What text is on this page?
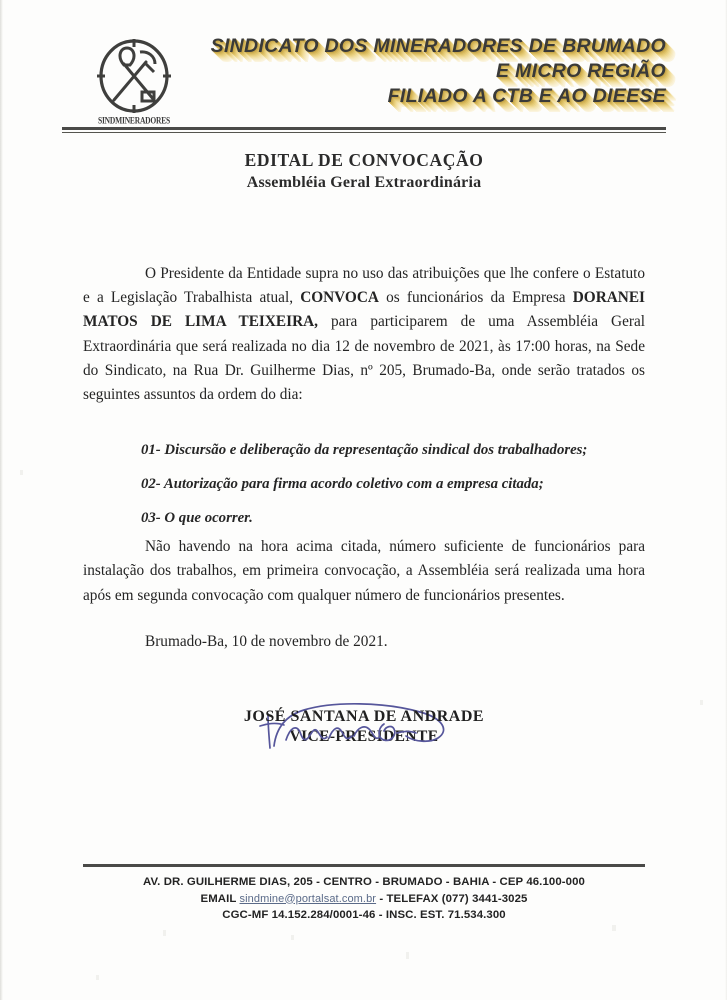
SINDMINERADORES
SINDICATO DOS MINERADORES DE BRUMADO
E MICRO REGIÃO
FILIADO A CTB E AO DIEESE
EDITAL DE CONVOCAÇÃO
Assembléia Geral Extraordinária

O Presidente da Entidade supra no uso das atribuições que lhe confere o Estatuto e a Legislação Trabalhista atual, CONVOCA os funcionários da Empresa DORANEI MATOS DE LIMA TEIXEIRA, para participarem de uma Assembléia Geral Extraordinária que será realizada no dia 12 de novembro de 2021, às 17:00 horas, na Sede do Sindicato, na Rua Dr. Guilherme Dias, nº 205, Brumado-Ba, onde serão tratados os seguintes assuntos da ordem do dia:

01- Discursão e deliberação da representação sindical dos trabalhadores;

02- Autorização para firma acordo coletivo com a empresa citada;

03- O que ocorrer.

Não havendo na hora acima citada, número suficiente de funcionários para instalação dos trabalhos, em primeira convocação, a Assembléia será realizada uma hora após em segunda convocação com qualquer número de funcionários presentes.

Brumado-Ba, 10 de novembro de 2021.
JOSÉ SANTANA DE ANDRADE
VICE-PRESIDENTE
AV. DR. GUILHERME DIAS, 205 - CENTRO - BRUMADO - BAHIA - CEP 46.100-000
EMAIL sindmine@portalsat.com.br - TELEFAX (077) 3441-3025
CGC-MF 14.152.284/0001-46 - INSC. EST. 71.534.300
